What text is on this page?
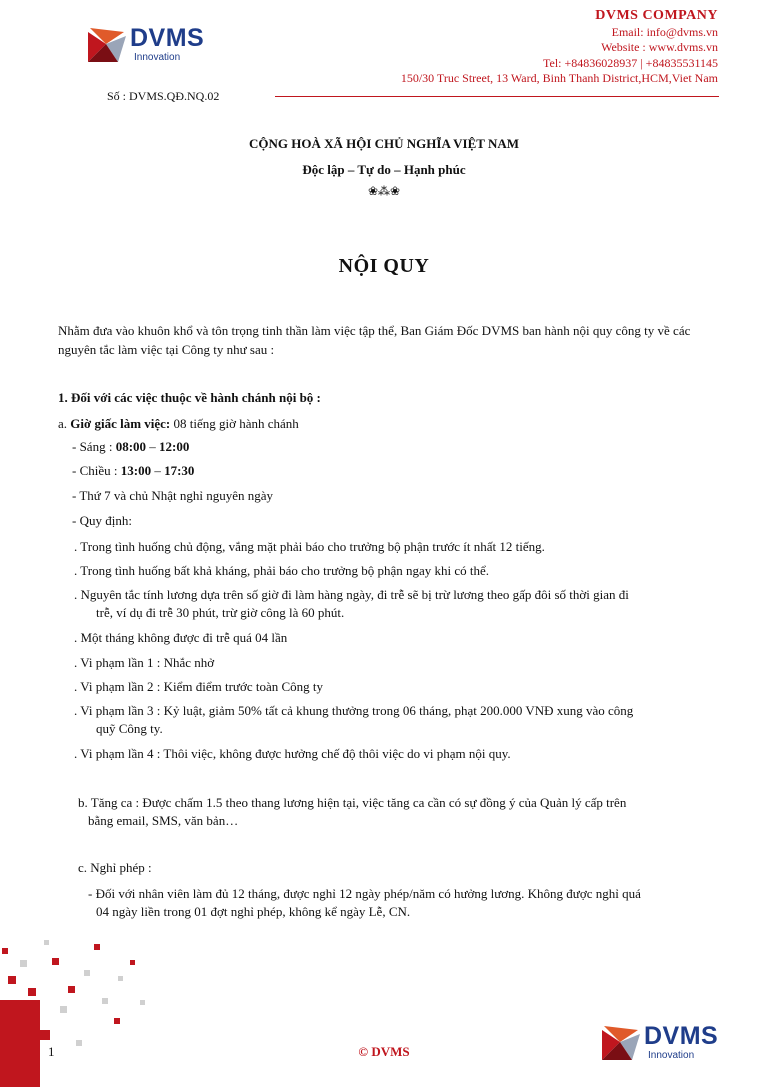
DVMS
Innovation
DVMS COMPANY
Email: info@dvms.vn
Website : www.dvms.vn
Tel: +84836028937 | +84835531145
150/30 Truc Street, 13 Ward, Binh Thanh District,HCM,Viet Nam
Số : DVMS.QĐ.NQ.02
CỘNG HOÀ XÃ HỘI CHỦ NGHĨA VIỆT NAM
Độc lập – Tự do – Hạnh phúc
❀⁂❀
NỘI QUY
Nhằm đưa vào khuôn khổ và tôn trọng tinh thần làm việc tập thể, Ban Giám Đốc DVMS ban hành nội quy công ty về các nguyên tắc làm việc tại Công ty như sau :
1. Đối với các việc thuộc về hành chánh nội bộ :
a. Giờ giấc làm việc: 08 tiếng giờ hành chánh
- Sáng : 08:00 – 12:00
- Chiều : 13:00 – 17:30
- Thứ 7 và chủ Nhật nghỉ nguyên ngày
- Quy định:
. Trong tình huống chủ động, vắng mặt phải báo cho trưởng bộ phận trước ít nhất 12 tiếng.
. Trong tình huống bất khả kháng, phải báo cho trưởng bộ phận ngay khi có thể.
. Nguyên tắc tính lương dựa trên số giờ đi làm hàng ngày, đi trễ sẽ bị trừ lương theo gấp đôi số thời gian đi
trễ, ví dụ đi trễ 30 phút, trừ giờ công là 60 phút.
. Một tháng không được đi trễ quá 04 lần
. Vi phạm lần 1 : Nhắc nhở
. Vi phạm lần 2 : Kiểm điểm trước toàn Công ty
. Vi phạm lần 3 : Kỷ luật, giảm 50% tất cả khung thưởng trong 06 tháng, phạt 200.000 VNĐ xung vào công
quỹ Công ty.
. Vi phạm lần 4 : Thôi việc, không được hưởng chế độ thôi việc do vi phạm nội quy.
b. Tăng ca : Được chấm 1.5 theo thang lương hiện tại, việc tăng ca cần có sự đồng ý của Quản lý cấp trên
bằng email, SMS, văn bản…
c. Nghỉ phép :
- Đối với nhân viên làm đủ 12 tháng, được nghỉ 12 ngày phép/năm có hưởng lương. Không được nghỉ quá
04 ngày liền trong 01 đợt nghỉ phép, không kể ngày Lễ, CN.
1	© DVMS
DVMS
Innovation
